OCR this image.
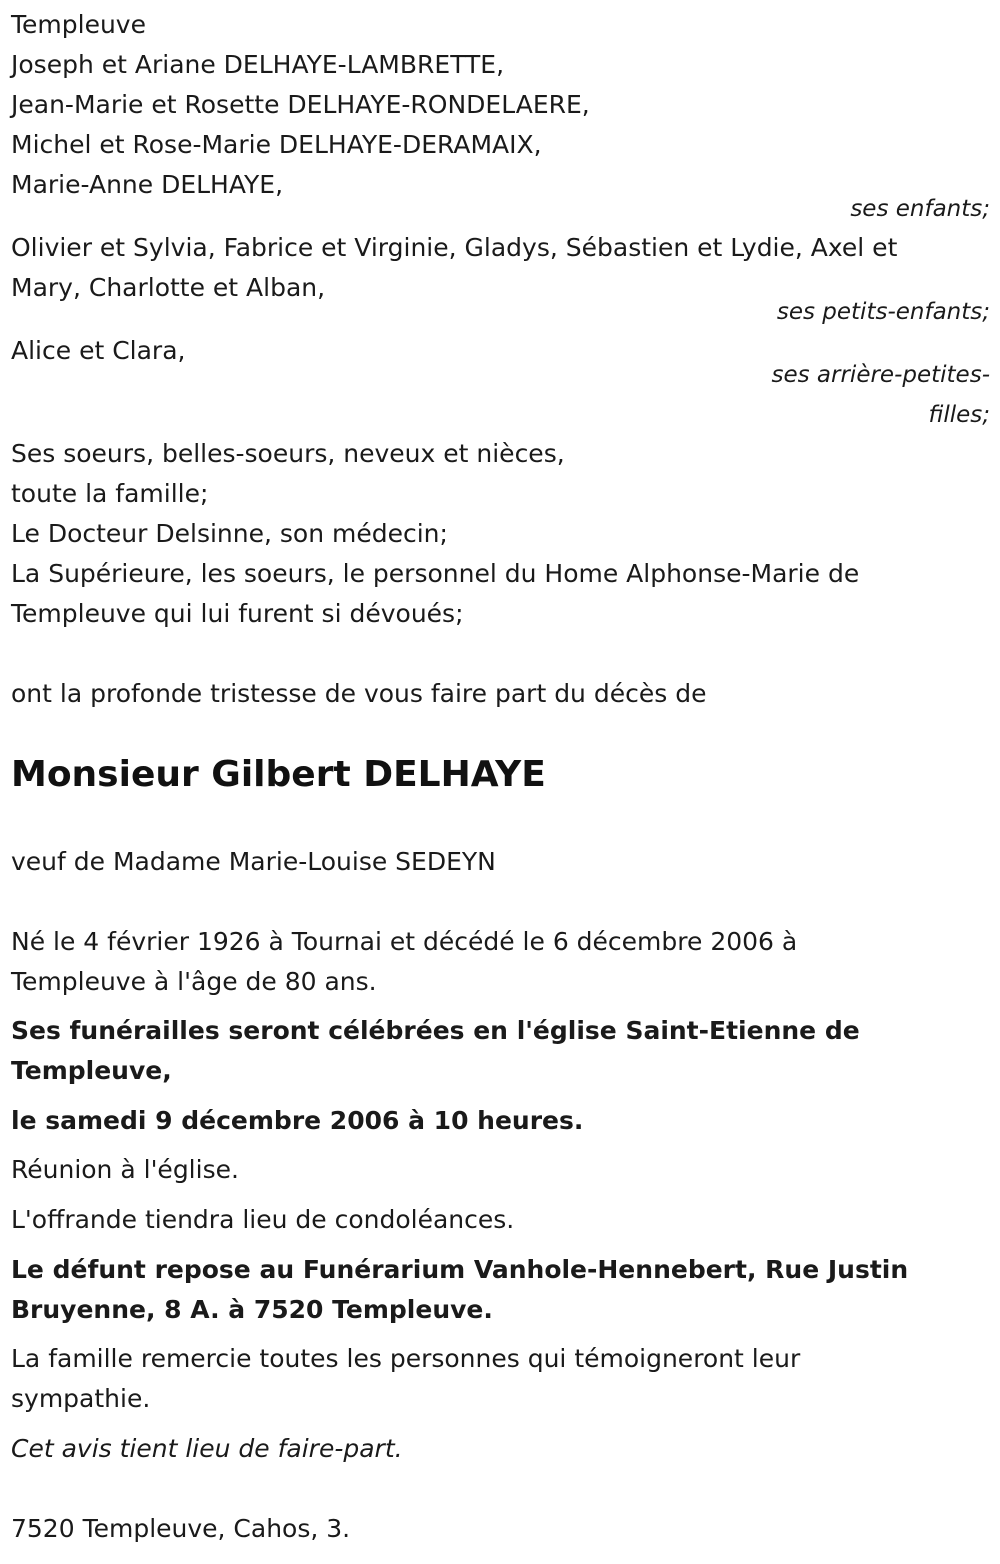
Templeuve
Joseph et Ariane DELHAYE-LAMBRETTE,
Jean-Marie et Rosette DELHAYE-RONDELAERE,
Michel et Rose-Marie DELHAYE-DERAMAIX,
Marie-Anne DELHAYE,
ses enfants;
Olivier et Sylvia, Fabrice et Virginie, Gladys, Sébastien et Lydie, Axel et
Mary, Charlotte et Alban,
ses petits-enfants;
Alice et Clara,
ses arrière-petites-
filles;
Ses soeurs, belles-soeurs, neveux et nièces,
toute la famille;
Le Docteur Delsinne, son médecin;
La Supérieure, les soeurs, le personnel du Home Alphonse-Marie de
Templeuve qui lui furent si dévoués;
ont la profonde tristesse de vous faire part du décès de
Monsieur Gilbert DELHAYE
veuf de Madame Marie-Louise SEDEYN
Né le 4 février 1926 à Tournai et décédé le 6 décembre 2006 à
Templeuve à l'âge de 80 ans.
Ses funérailles seront célébrées en l'église Saint-Etienne de
Templeuve,
le samedi 9 décembre 2006 à 10 heures.
Réunion à l'église.
L'offrande tiendra lieu de condoléances.
Le défunt repose au Funérarium Vanhole-Hennebert, Rue Justin
Bruyenne, 8 A. à 7520 Templeuve.
La famille remercie toutes les personnes qui témoigneront leur
sympathie.
Cet avis tient lieu de faire-part.
7520 Templeuve, Cahos, 3.
